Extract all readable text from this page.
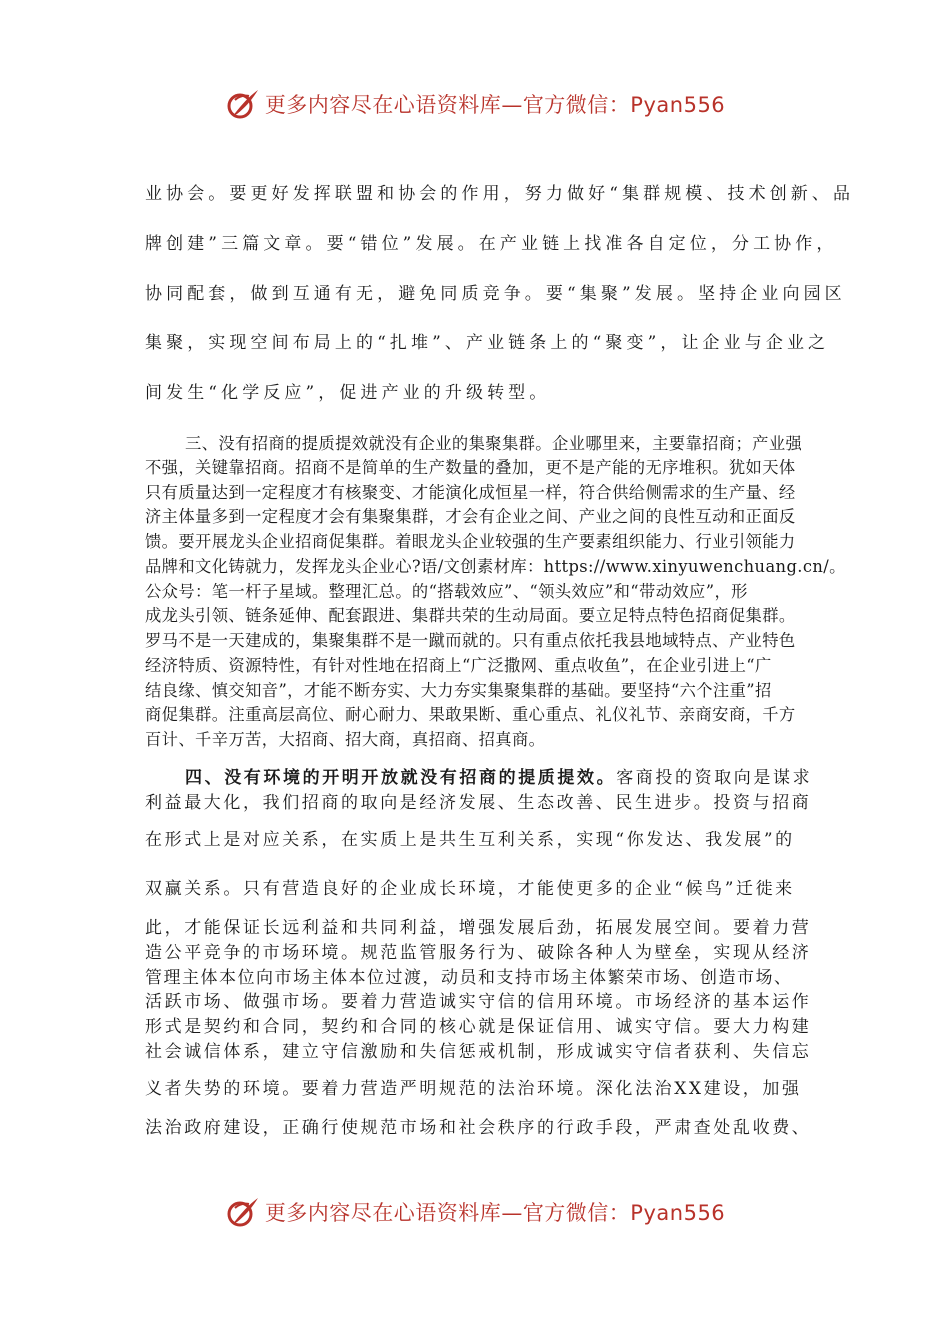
更多内容尽在心语资料库—官方微信：Pyan556
业协会。要更好发挥联盟和协会的作用，努力做好“集群规模、技术创新、品
牌创建”三篇文章。要“错位”发展。在产业链上找准各自定位，分工协作，
协同配套，做到互通有无，避免同质竞争。要“集聚”发展。坚持企业向园区
集聚，实现空间布局上的“扎堆”、产业链条上的“聚变”，让企业与企业之
间发生“化学反应”，促进产业的升级转型。
三、没有招商的提质提效就没有企业的集聚集群。企业哪里来，主要靠招商；产业强
不强，关键靠招商。招商不是简单的生产数量的叠加，更不是产能的无序堆积。犹如天体
只有质量达到一定程度才有核聚变、才能演化成恒星一样，符合供给侧需求的生产量、经
济主体量多到一定程度才会有集聚集群，才会有企业之间、产业之间的良性互动和正面反
馈。要开展龙头企业招商促集群。着眼龙头企业较强的生产要素组织能力、行业引领能力
品牌和文化铸就力，发挥龙头企业心?语/文创素材库：https://www.xinyuwenchuang.cn/。
公众号：笔一杆子星域。整理汇总。的“搭载效应”、“领头效应”和“带动效应”，形
成龙头引领、链条延伸、配套跟进、集群共荣的生动局面。要立足特点特色招商促集群。
罗马不是一天建成的，集聚集群不是一蹴而就的。只有重点依托我县地域特点、产业特色
经济特质、资源特性，有针对性地在招商上“广泛撒网、重点收鱼”，在企业引进上“广
结良缘、慎交知音”，才能不断夯实、大力夯实集聚集群的基础。要坚持“六个注重”招
商促集群。注重高层高位、耐心耐力、果敢果断、重心重点、礼仪礼节、亲商安商，千方
百计、千辛万苦，大招商、招大商，真招商、招真商。
四、没有环境的开明开放就没有招商的提质提效。客商投的资取向是谋求
利益最大化，我们招商的取向是经济发展、生态改善、民生进步。投资与招商
在形式上是对应关系，在实质上是共生互利关系，实现“你发达、我发展”的
双赢关系。只有营造良好的企业成长环境，才能使更多的企业“候鸟”迁徙来
此，才能保证长远利益和共同利益，增强发展后劲，拓展发展空间。要着力营
造公平竞争的市场环境。规范监管服务行为、破除各种人为壁垒，实现从经济
管理主体本位向市场主体本位过渡，动员和支持市场主体繁荣市场、创造市场、
活跃市场、做强市场。要着力营造诚实守信的信用环境。市场经济的基本运作
形式是契约和合同，契约和合同的核心就是保证信用、诚实守信。要大力构建
社会诚信体系，建立守信激励和失信惩戒机制，形成诚实守信者获利、失信忘
义者失势的环境。要着力营造严明规范的法治环境。深化法治XX建设，加强
法治政府建设，正确行使规范市场和社会秩序的行政手段，严肃查处乱收费、
更多内容尽在心语资料库—官方微信：Pyan556
